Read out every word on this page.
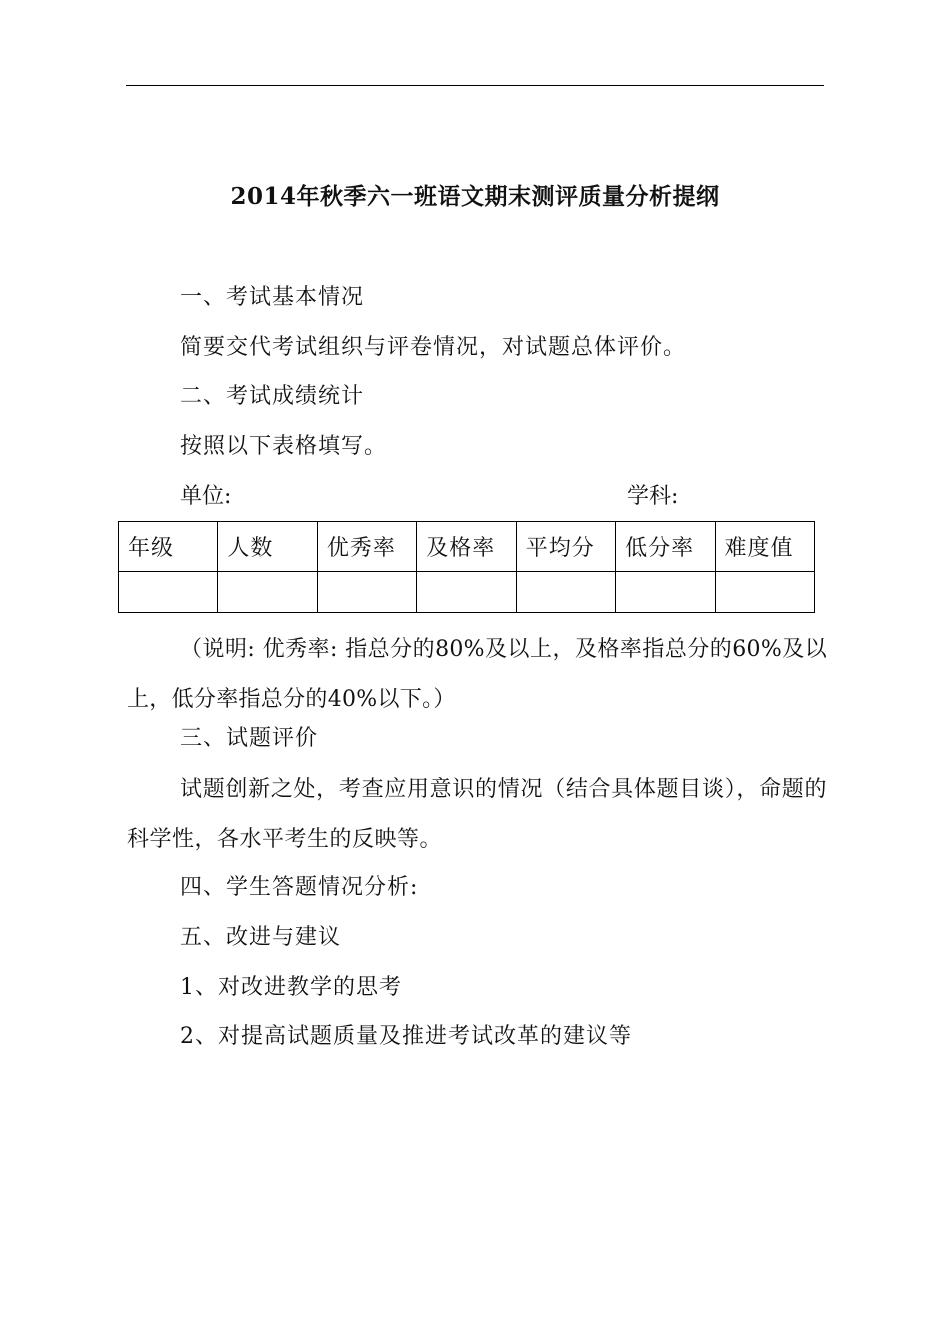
2014年秋季六一班语文期末测评质量分析提纲
一、考试基本情况
简要交代考试组织与评卷情况，对试题总体评价。
二、考试成绩统计
按照以下表格填写。
单位:	学科:
年级	人数	优秀率	及格率	平均分	低分率	难度值

（说明: 优秀率: 指总分的80%及以上，及格率指总分的60%及以上，低分率指总分的40%以下。）
三、试题评价
试题创新之处，考查应用意识的情况（结合具体题目谈），命题的科学性，各水平考生的反映等。
四、学生答题情况分析:
五、改进与建议
1、对改进教学的思考
2、对提高试题质量及推进考试改革的建议等
